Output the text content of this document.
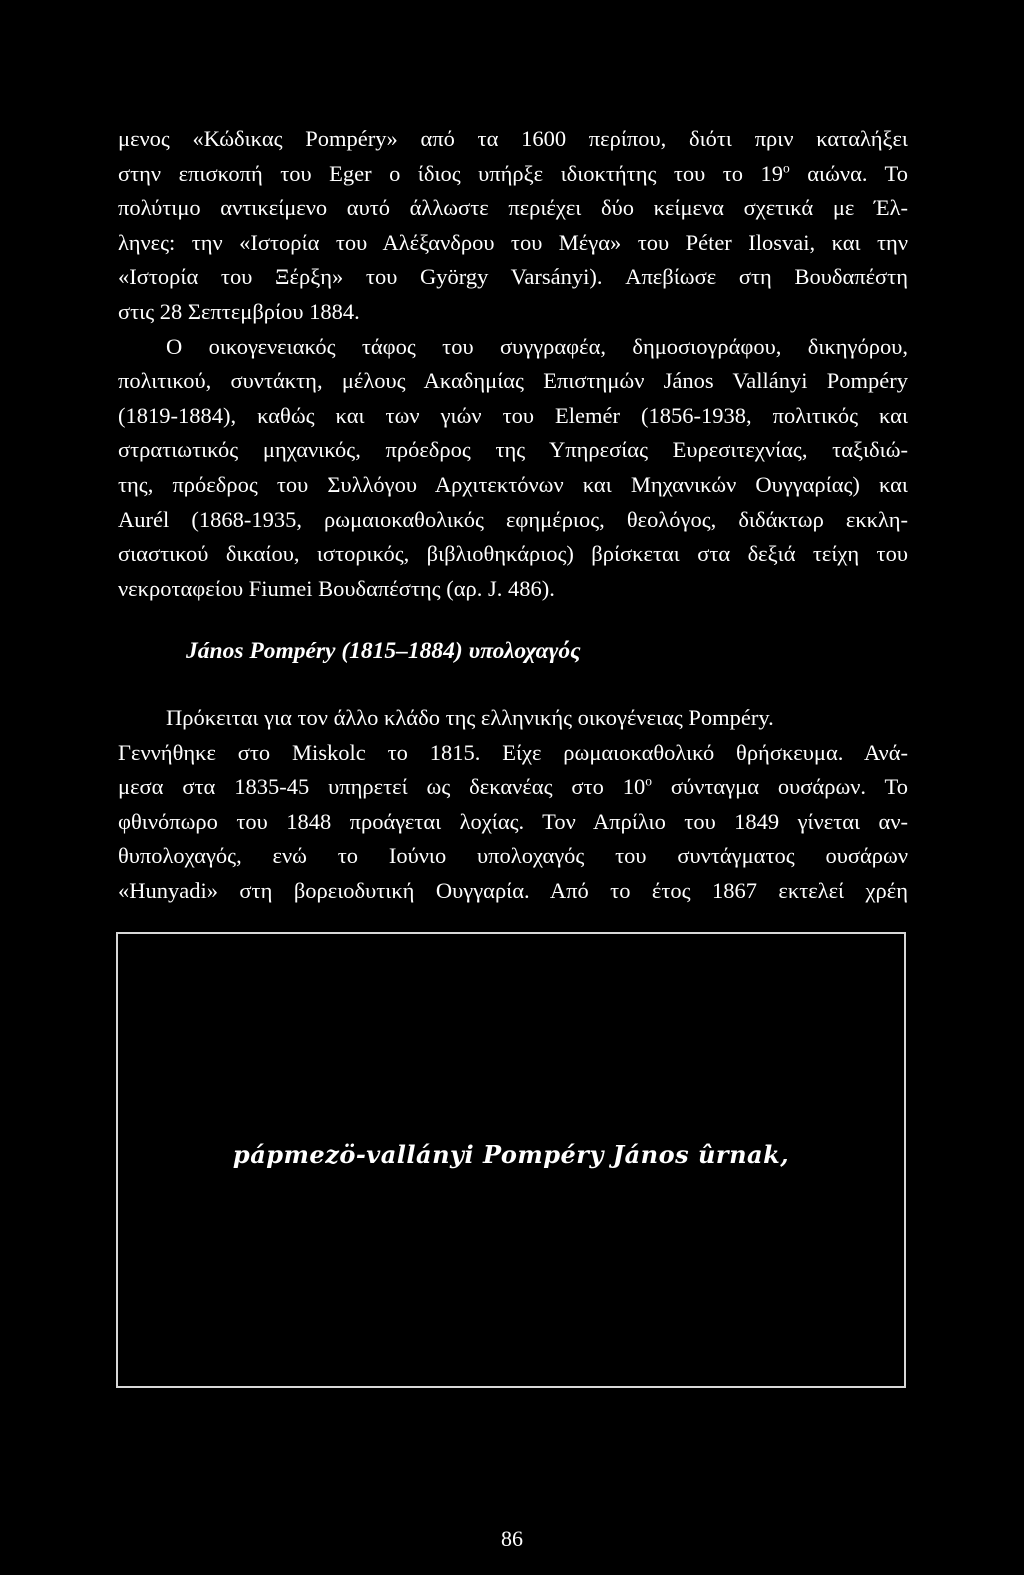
μενος «Κώδικας Pompéry» από τα 1600 περίπου, διότι πριν καταλήξει
στην επισκοπή του Eger ο ίδιος υπήρξε ιδιοκτήτης του το $19^o$ αιώνα. Το
πολύτιμο αντικείμενο αυτό άλλωστε περιέχει δύο κείμενα σχετικά με Έλ-
ληνες: την «Ιστορία του Αλέξανδρου του Μέγα» του Péter Ilosvai, και την
«Ιστορία του Ξέρξη» του György Varsányi). Απεβίωσε στη Βουδαπέστη
στις 28 Σεπτεμβρίου 1884.
Ο οικογενειακός τάφος του συγγραφέα, δημοσιογράφου, δικηγόρου,
πολιτικού, συντάκτη, μέλους Ακαδημίας Επιστημών János Vallányi Pompéry
(1819-1884), καθώς και των γιών του Elemér (1856-1938, πολιτικός και
στρατιωτικός μηχανικός, πρόεδρος της Υπηρεσίας Ευρεσιτεχνίας, ταξιδιώ-
της, πρόεδρος του Συλλόγου Αρχιτεκτόνων και Μηχανικών Ουγγαρίας) και
Aurél (1868-1935, ρωμαιοκαθολικός εφημέριος, θεολόγος, διδάκτωρ εκκλη-
σιαστικού δικαίου, ιστορικός, βιβλιοθηκάριος) βρίσκεται στα δεξιά τείχη του
νεκροταφείου Fiumei Βουδαπέστης (αρ. J. 486).
János Pompéry (1815–1884) υπολοχαγός
Πρόκειται για τον άλλο κλάδο της ελληνικής οικογένειας Pompéry.
Γεννήθηκε στο Miskolc το 1815. Είχε ρωμαιοκαθολικό θρήσκευμα. Ανά-
μεσα στα 1835-45 υπηρετεί ως δεκανέας στο $10^o$ σύνταγμα ουσάρων. Το
φθινόπωρο του 1848 προάγεται λοχίας. Τον Απρίλιο του 1849 γίνεται αν-
θυπολοχαγός, ενώ το Ιούνιο υπολοχαγός του συντάγματος ουσάρων
«Hunyadi» στη βορειοδυτική Ουγγαρία. Από το έτος 1867 εκτελεί χρέη
pápmezö-vallányi Pompéry János ûrnak,
86
